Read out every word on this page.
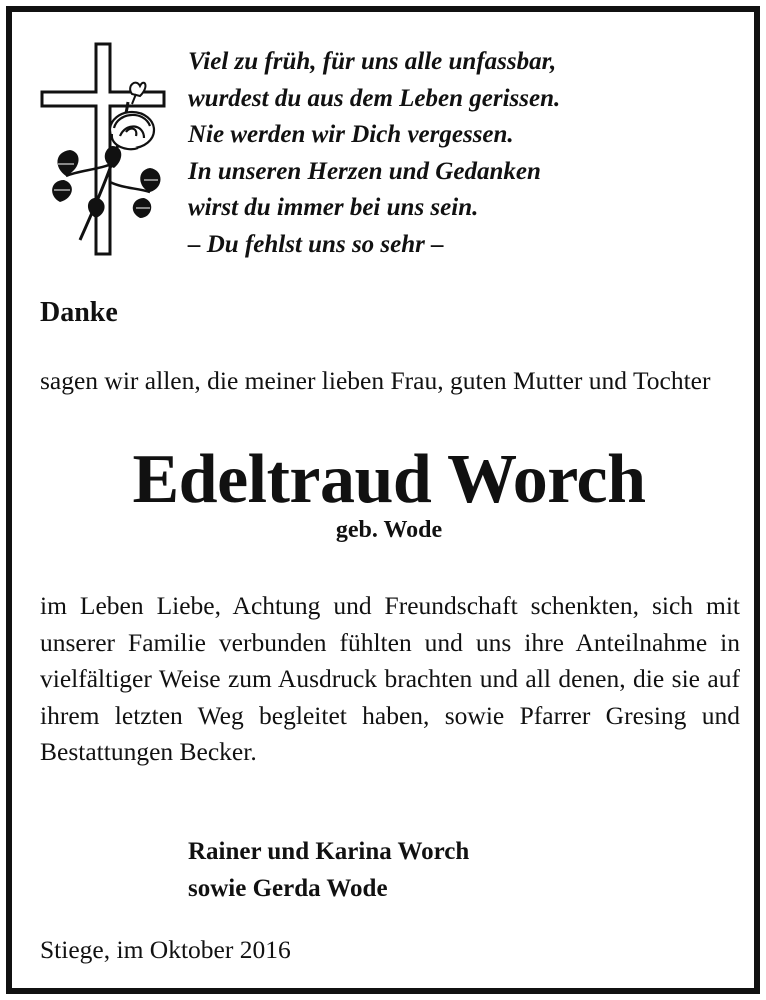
Viel zu früh, für uns alle unfassbar,
wurdest du aus dem Leben gerissen.
Nie werden wir Dich vergessen.
In unseren Herzen und Gedanken
wirst du immer bei uns sein.
– Du fehlst uns so sehr –
Danke
sagen wir allen, die meiner lieben Frau, guten Mutter und Tochter
Edeltraud Worch
geb. Wode
im Leben Liebe, Achtung und Freundschaft schenkten, sich mit unserer Familie verbunden fühlten und uns ihre Anteilnahme in vielfältiger Weise zum Ausdruck brachten und all denen, die sie auf ihrem letzten Weg begleitet haben, sowie Pfarrer Gresing und Bestattungen Becker.
Rainer und Karina Worch
sowie Gerda Wode
Stiege, im Oktober 2016
